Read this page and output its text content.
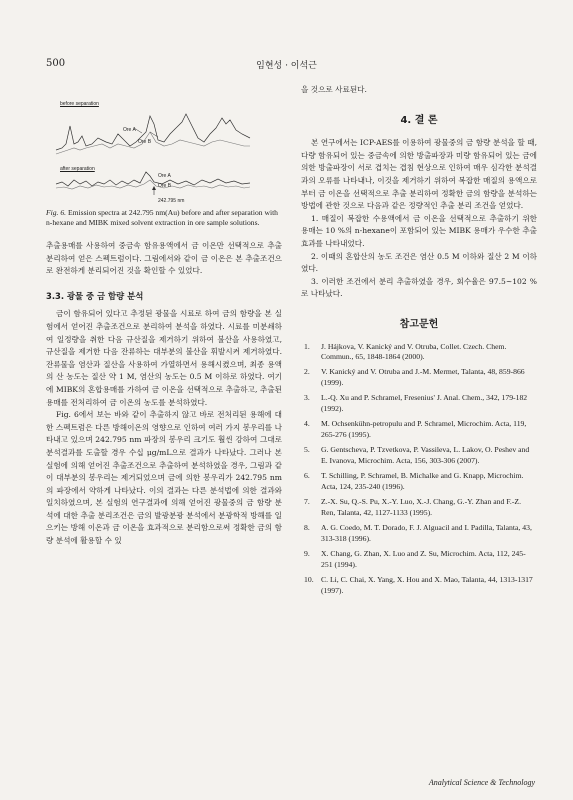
500	임현성 · 이석근
before separation
Ore A
Ore B
after separation
Ore A
Ore B
242.795 nm
Fig. 6. Emission spectra at 242.795 nm(Au) before and after separation with n-hexane and MIBK mixed solvent extraction in ore sample solutions.

추출용매를 사용하여 중금속 함유용액에서 금 이온만 선택적으로 추출 분리하여 얻은 스펙트럼이다. 그림에서와 같이 금 이온은 본 추출조건으로 완전하게 분리되어진 것을 확인할 수 있었다.

3.3. 광물 중 금 함량 분석

금이 함유되어 있다고 추정된 광물을 시료로 하여 금의 함량을 본 실험에서 얻어진 추출조건으로 분리하여 분석을 하였다. 시료를 미분쇄하여 일정량을 취한 다음 규산질을 제거하기 위하여 불산을 사용하였고, 규산질을 제거한 다음 잔류하는 대부분의 불산을 휘발시켜 제거하였다. 잔류물을 염산과 질산을 사용하여 가열하면서 용해시켰으며, 최종 용액의 산 농도는 질산 약 1 M, 염산의 농도는 0.5 M 이하로 하였다. 여기에 MIBK의 혼합용매를 가하여 금 이온을 선택적으로 추출하고, 추출된 용매를 전처리하여 금 이온의 농도를 분석하였다.

Fig. 6에서 보는 바와 같이 추출하지 않고 바로 전처리된 용해에 대한 스펙트럼은 다른 방해이온의 영향으로 인하여 여러 가지 봉우리를 나타내고 있으며 242.795 nm 파장의 봉우리 크기도 훨씬 강하여 그대로 분석결과를 도출할 경우 수십 μg/mL으로 결과가 나타났다. 그러나 본 실험에 의해 얻어진 추출조건으로 추출하여 분석하였을 경우, 그림과 같이 대부분의 봉우리는 제거되었으며 금에 의한 봉우리가 242.795 nm의 파장에서 약하게 나타났다. 이의 결과는 다른 분석법에 의한 결과와 일치하였으며, 본 실험의 연구결과에 의해 얻어진 광물중의 금 함량 분석에 대한 추출 분리조건은 금의 발광분광 분석에서 분광학적 방해를 일으키는 방해 이온과 금 이온을 효과적으로 분리함으로써 정확한 금의 함량 분석에 활용할 수 있

을 것으로 사료된다.

4. 결 론

본 연구에서는 ICP-AES를 이용하여 광물중의 금 함량 분석을 할 때, 다량 함유되어 있는 중금속에 의한 방출파장과 미량 함유되어 있는 금에 의한 방출파장이 서로 겹치는 겹침 현상으로 인하여 매우 심각한 분석결과의 오류를 나타내나, 이것을 제거하기 위하여 복잡한 매질의 용액으로부터 금 이온을 선택적으로 추출 분리하여 정확한 금의 함량을 분석하는 방법에 관한 것으로 다음과 같은 정량적인 추출 분리 조건을 얻었다.

1. 매질이 복잡한 수용액에서 금 이온을 선택적으로 추출하기 위한 용매는 10 %의 n-hexane이 포함되어 있는 MIBK 용매가 우수한 추출효과를 나타내었다.

2. 이때의 혼합산의 농도 조건은 염산 0.5 M 이하와 질산 2 M 이하였다.

3. 이러한 조건에서 분리 추출하였을 경우, 회수율은 97.5~102 %로 나타났다.

참고문헌
1. J. Hájkova, V. Kanický and V. Otruba, Collet. Czech. Chem. Commun., 65, 1848-1864 (2000).
2. V. Kanický and V. Otruba and J.-M. Mermet, Talanta, 48, 859-866 (1999).
3. L.-Q. Xu and P. Schramel, Fresenius' J. Anal. Chem., 342, 179-182 (1992).
4. M. Ochsenkühn-petropulu and P. Schramel, Microchim. Acta, 119, 265-276 (1995).
5. G. Gentscheva, P. Tzvetkova, P. Vassileva, L. Lakov, O. Peshev and E. Ivanova, Microchim. Acta, 156, 303-306 (2007).
6. T. Schilling, P. Schramel, B. Michalke and G. Knapp, Microchim. Acta, 124, 235-240 (1996).
7. Z.-X. Su, Q.-S. Pu, X.-Y. Luo, X.-J. Chang, G.-Y. Zhan and F.-Z. Ren, Talanta, 42, 1127-1133 (1995).
8. A. G. Coedo, M. T. Dorado, F. J. Alguacil and I. Padilla, Talanta, 43, 313-318 (1996).
9. X. Chang, G. Zhan, X. Luo and Z. Su, Microchim. Acta, 112, 245-251 (1994).
10. C. Li, C. Chai, X. Yang, X. Hou and X. Mao, Talanta, 44, 1313-1317 (1997).
Analytical Science & Technology
